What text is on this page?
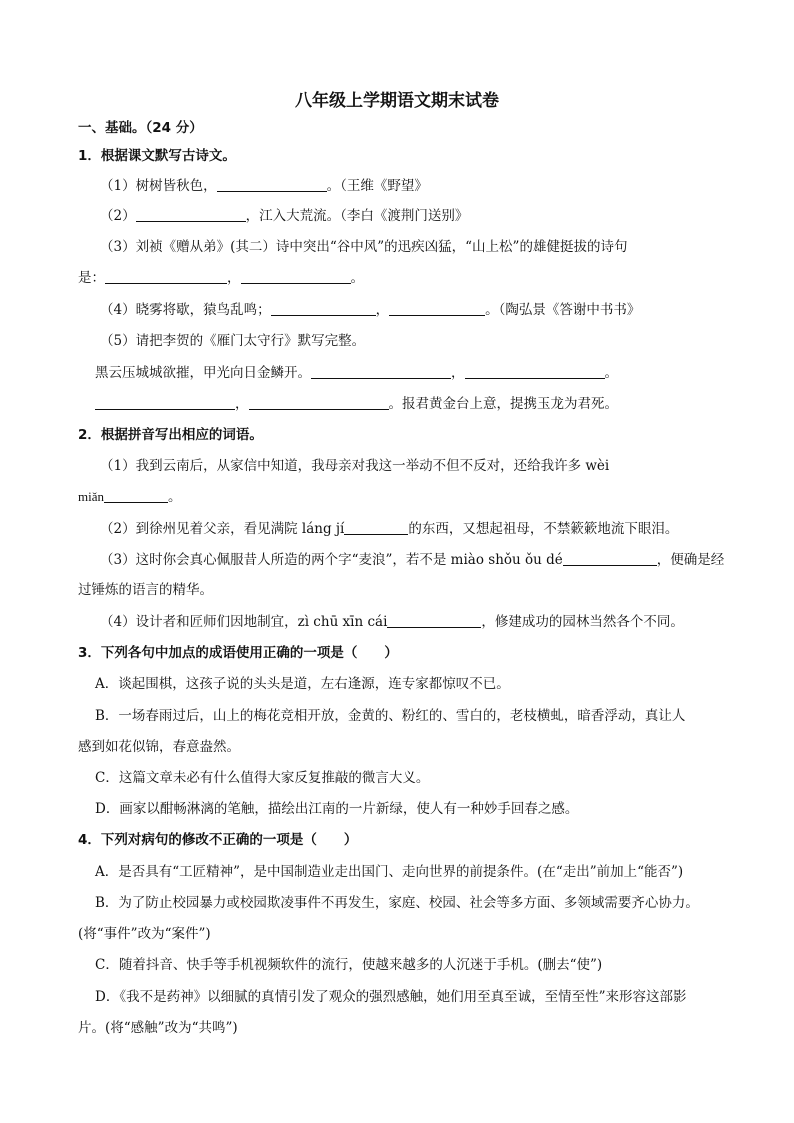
八年级上学期语文期末试卷
一、基础。（24 分）
1．根据课文默写古诗文。
（1）树树皆秋色，	。（王维《野望》
（2）	，江入大荒流。（李白《渡荆门送别》
（3）刘祯《赠从弟》(其二）诗中突出“谷中风”的迅疾凶猛，“山上松”的雄健挺拔的诗句
是：	，	。
（4）晓雾将歇，猿鸟乱鸣；	，	。（陶弘景《答谢中书书》
（5）请把李贺的《雁门太守行》默写完整。
黑云压城城欲摧，甲光向日金鳞开。	，	。
，	。报君黄金台上意，提携玉龙为君死。
2．根据拼音写出相应的词语。
（1）我到云南后，从家信中知道，我母亲对我这一举动不但不反对，还给我许多 wèi
miǎn	。
（2）到徐州见着父亲，看见满院 láng jí	的东西，又想起祖母，不禁簌簌地流下眼泪。
（3）这时你会真心佩服昔人所造的两个字“麦浪”，若不是 miào shǒu ǒu dé	，便确是经
过锤炼的语言的精华。
（4）设计者和匠师们因地制宜，zì chū xīn cái	，修建成功的园林当然各个不同。
3．下列各句中加点的成语使用正确的一项是（　　）
A．谈起围棋，这孩子说的头头是道，左右逢源，连专家都惊叹不已。
B．一场春雨过后，山上的梅花竞相开放，金黄的、粉红的、雪白的，老枝横虬，暗香浮动，真让人
感到如花似锦，春意盎然。
C．这篇文章未必有什么值得大家反复推敲的微言大义。
D．画家以酣畅淋漓的笔触，描绘出江南的一片新绿，使人有一种妙手回春之感。
4．下列对病句的修改不正确的一项是（　　）
A．是否具有“工匠精神”，是中国制造业走出国门、走向世界的前提条件。(在“走出”前加上“能否”)
B．为了防止校园暴力或校园欺凌事件不再发生，家庭、校园、社会等多方面、多领域需要齐心协力。
(将“事件”改为“案件”)
C．随着抖音、快手等手机视频软件的流行，使越来越多的人沉迷于手机。(删去“使”)
D．《我不是药神》以细腻的真情引发了观众的强烈感触，她们用至真至诚，至情至性”来形容这部影
片。(将“感触”改为“共鸣”)
